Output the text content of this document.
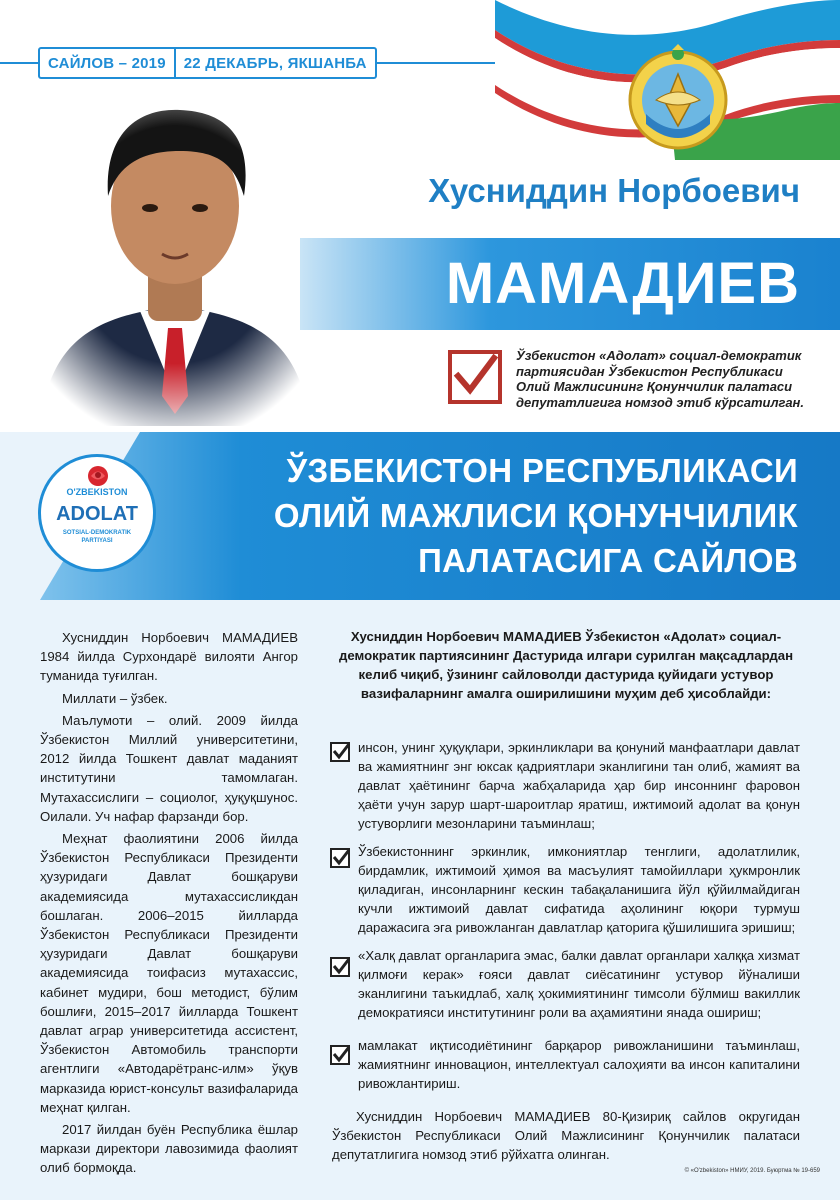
САЙЛОВ – 2019	22 ДЕКАБРЬ, ЯКШАНБА
Хусниддин Норбоевич
МАМАДИЕВ
Ўзбекистон «Адолат» социал-демократик партиясидан Ўзбекистон Республикаси Олий Мажлисининг Қонунчилик палатаси депутатлигига номзод этиб кўрсатилган.
ЎЗБЕКИСТОН РЕСПУБЛИКАСИ
ОЛИЙ МАЖЛИСИ ҚОНУНЧИЛИК
ПАЛАТАСИГА САЙЛОВ
O'ZBEKISTON
ADOLAT
SOTSIAL-DEMOKRATIK PARTIYASI

Хусниддин Норбоевич МАМАДИЕВ 1984 йилда Сурхондарё вилояти Ангор туманида туғилган.

Миллати – ўзбек.

Маълумоти – олий. 2009 йилда Ўзбекистон Миллий университетини, 2012 йилда Тошкент давлат маданият институтини тамомлаган. Мутахассислиги – социолог, ҳуқуқшунос. Оилали. Уч нафар фарзанди бор.

Меҳнат фаолиятини 2006 йилда Ўзбекистон Республикаси Президенти ҳузуридаги Давлат бошқаруви академиясида мутахассисликдан бошлаган. 2006–2015 йилларда Ўзбекистон Республикаси Президенти ҳузуридаги Давлат бошқаруви академиясида тоифасиз мутахассис, кабинет мудири, бош методист, бўлим бошлиғи, 2015–2017 йилларда Тошкент давлат аграр университетида ассистент, Ўзбекистон Автомобиль транспорти агентлиги «Автодарётранс-илм» ўқув марказида юрист-консульт вазифаларида меҳнат қилган.

2017 йилдан буён Республика ёшлар маркази директори лавозимида фаолият олиб бормоқда.

Хусниддин Норбоевич МАМАДИЕВ Ўзбекистон «Адолат» социал-демократик партиясининг Дастурида илгари сурилган мақсадлардан келиб чиқиб, ўзининг сайловолди дастурида қуйидаги устувор вазифаларнинг амалга оширилишини муҳим деб ҳисоблайди:
инсон, унинг ҳуқуқлари, эркинликлари ва қонуний манфаатлари давлат ва жамиятнинг энг юксак қадриятлари эканлигини тан олиб, жамият ва давлат ҳаётининг барча жабҳаларида ҳар бир инсоннинг фаровон ҳаёти учун зарур шарт-шароитлар яратиш, ижтимоий адолат ва қонун устуворлиги мезонларини таъминлаш;
Ўзбекистоннинг эркинлик, имкониятлар тенглиги, адолатлилик, бирдамлик, ижтимоий ҳимоя ва масъулият тамойиллари ҳукмронлик қиладиган, инсонларнинг кескин табақаланишига йўл қўйилмайдиган кучли ижтимоий давлат сифатида аҳолининг юқори турмуш даражасига эга ривожланган давлатлар қаторига қўшилишига эришиш;
«Халқ давлат органларига эмас, балки давлат органлари халққа хизмат қилмоғи керак» ғояси давлат сиёсатининг устувор йўналиши эканлигини таъкидлаб, халқ ҳокимиятининг тимсоли бўлмиш вакиллик демократияси институтининг роли ва аҳамиятини янада ошириш;
мамлакат иқтисодиётининг барқарор ривожланишини таъминлаш, жамиятнинг инновацион, интеллектуал салоҳияти ва инсон капиталини ривожлантириш.
Хусниддин Норбоевич МАМАДИЕВ 80-Қизириқ сайлов округидан Ўзбекистон Республикаси Олий Мажлисининг Қонунчилик палатаси депутатлигига номзод этиб рўйхатга олинган.
© «O'zbekiston» НМИУ, 2019. Буюртма № 19-659
